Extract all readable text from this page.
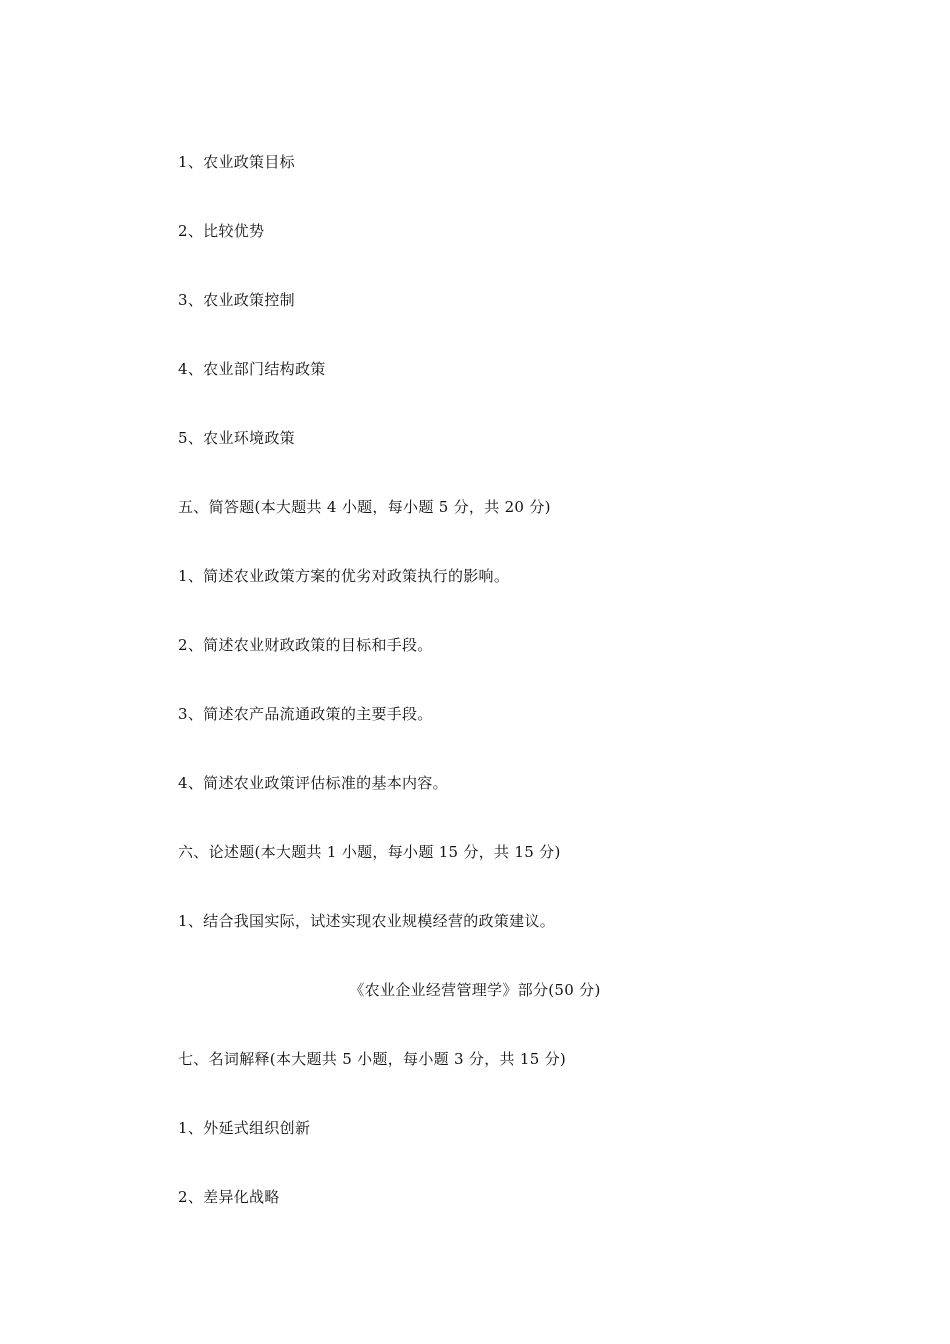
1、农业政策目标
2、比较优势
3、农业政策控制
4、农业部门结构政策
5、农业环境政策
五、简答题(本大题共 4 小题，每小题 5 分，共 20 分)
1、简述农业政策方案的优劣对政策执行的影响。
2、简述农业财政政策的目标和手段。
3、简述农产品流通政策的主要手段。
4、简述农业政策评估标准的基本内容。
六、论述题(本大题共 1 小题，每小题 15 分，共 15 分)
1、结合我国实际，试述实现农业规模经营的政策建议。
《农业企业经营管理学》部分(50 分)
七、名词解释(本大题共 5 小题，每小题 3 分，共 15 分)
1、外延式组织创新
2、差异化战略
